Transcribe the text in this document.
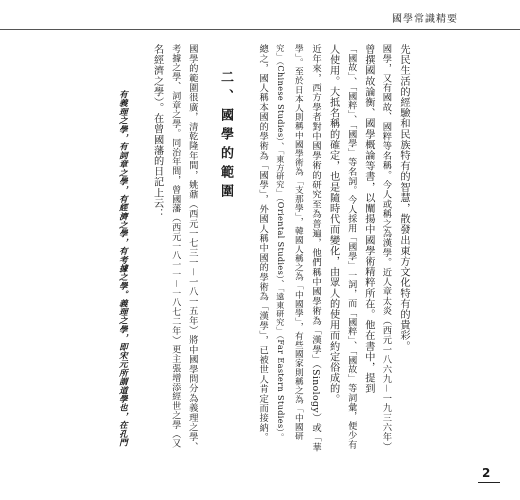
國學常識精要
先民生活的經驗和民族特有的智慧，散發出東方文化特有的貴彩。
國學，又有國故、國粹等名稱。今人或稱之為漢學。近人章太炎（西元一八六九－一九三六年）
曾撰國故論衡、國學概論等書，以闡揚中國學術精粹所在。他在書中，提到
「國故」、「國粹」、「國學」等名詞。今人採用「國學」一詞，而「國粹」、「國故」等詞彙，便少有
人使用。大抵名稱的確定，也是隨時代而變化，由眾人的使用而約定俗成的。
近年來，西方學者對中國學術的研究至為普遍，他們稱中國學術為「漢學」（Sinology）或「華
學」。至於日本人則稱中國學術為「支那學」，韓國人稱之為「中國學」，有些國家則稱之為「中國研
究」（Chinese Studies）、「東方研究」（Oriental Studies）、「遠東研究」（Far Eastern Studies）。
總之，國人稱本國的學術為「國學」，外國人稱中國的學術為「漢學」，已被世人肯定而接納。
二、國學的範圍
國學的範圍很廣，清乾隆年間，姚鼐（西元一七三一－一八一五年）將中國學問分為義理之學、
考據之學、詞章之學。同治年間，曾國藩（西元一八一一－一八七二年）更主張增添經世之學（又
名經濟之學）。在曾國藩的日記上云：
有義理之學，有詞章之學，有經濟之學，有考據之學。義理之學，即宋元所謂道學也，在孔門
2
